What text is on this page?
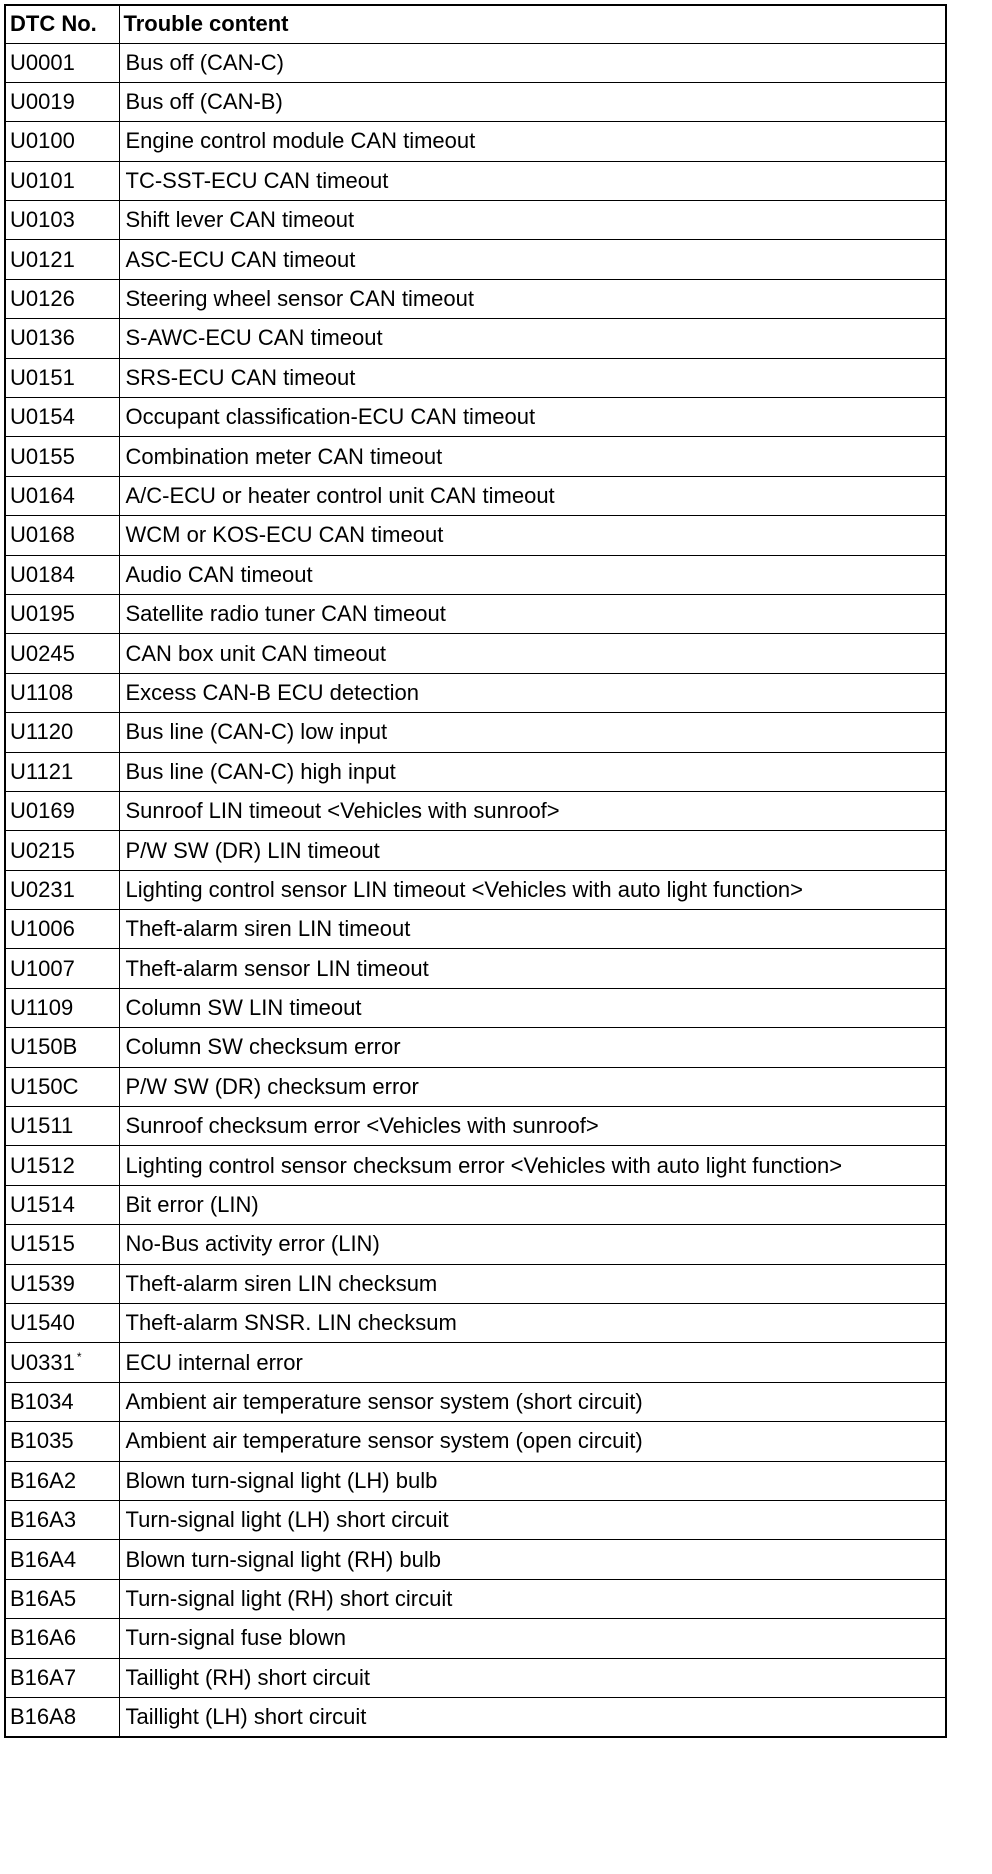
DTC No.	Trouble content
U0001	Bus off (CAN-C)
U0019	Bus off (CAN-B)
U0100	Engine control module CAN timeout
U0101	TC-SST-ECU CAN timeout
U0103	Shift lever CAN timeout
U0121	ASC-ECU CAN timeout
U0126	Steering wheel sensor CAN timeout
U0136	S-AWC-ECU CAN timeout
U0151	SRS-ECU CAN timeout
U0154	Occupant classification-ECU CAN timeout
U0155	Combination meter CAN timeout
U0164	A/C-ECU or heater control unit CAN timeout
U0168	WCM or KOS-ECU CAN timeout
U0184	Audio CAN timeout
U0195	Satellite radio tuner CAN timeout
U0245	CAN box unit CAN timeout
U1108	Excess CAN-B ECU detection
U1120	Bus line (CAN-C) low input
U1121	Bus line (CAN-C) high input
U0169	Sunroof LIN timeout <Vehicles with sunroof>
U0215	P/W SW (DR) LIN timeout
U0231	Lighting control sensor LIN timeout <Vehicles with auto light function>
U1006	Theft-alarm siren LIN timeout
U1007	Theft-alarm sensor LIN timeout
U1109	Column SW LIN timeout
U150B	Column SW checksum error
U150C	P/W SW (DR) checksum error
U1511	Sunroof checksum error <Vehicles with sunroof>
U1512	Lighting control sensor checksum error <Vehicles with auto light function>
U1514	Bit error (LIN)
U1515	No-Bus activity error (LIN)
U1539	Theft-alarm siren LIN checksum
U1540	Theft-alarm SNSR. LIN checksum
U0331 *	ECU internal error
B1034	Ambient air temperature sensor system (short circuit)
B1035	Ambient air temperature sensor system (open circuit)
B16A2	Blown turn-signal light (LH) bulb
B16A3	Turn-signal light (LH) short circuit
B16A4	Blown turn-signal light (RH) bulb
B16A5	Turn-signal light (RH) short circuit
B16A6	Turn-signal fuse blown
B16A7	Taillight (RH) short circuit
B16A8	Taillight (LH) short circuit
